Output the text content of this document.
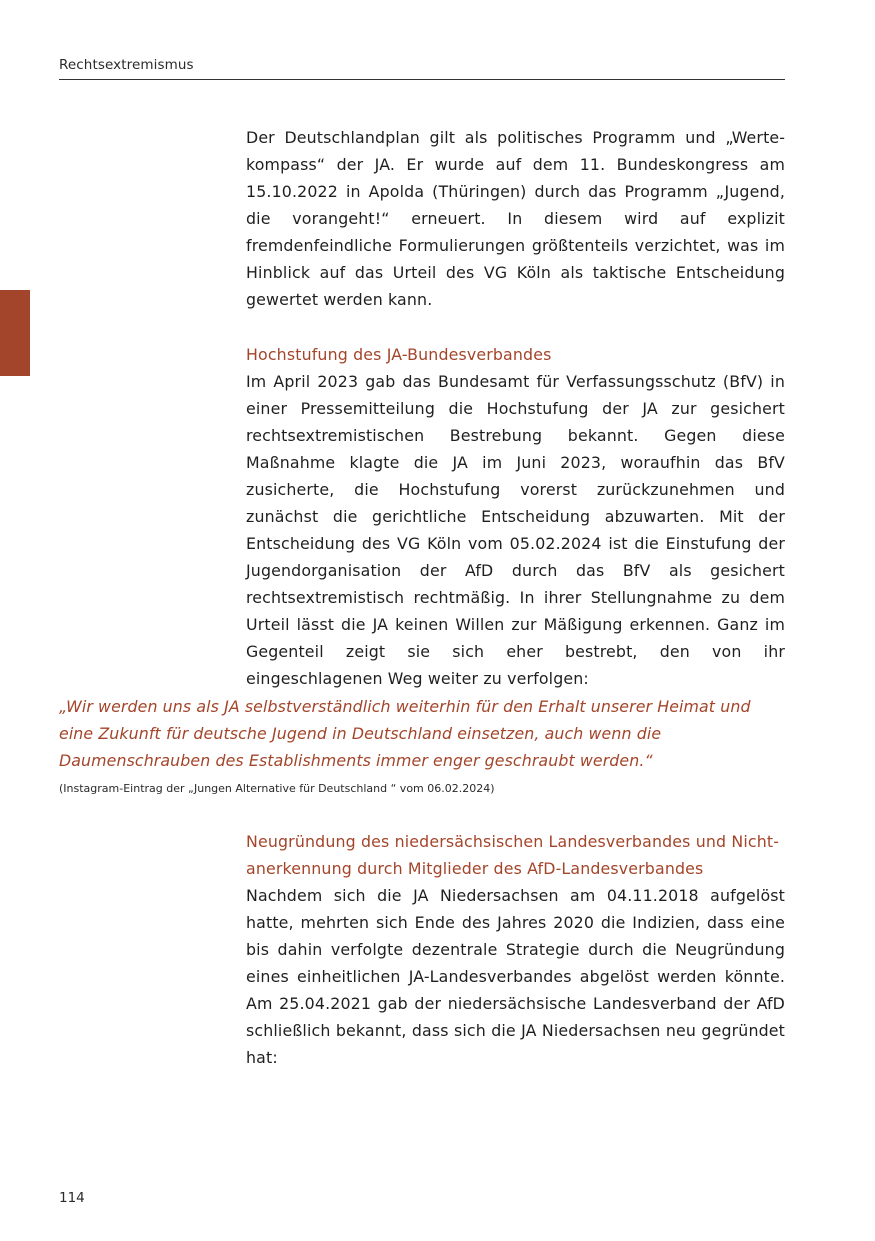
Rechtsextremismus

Der Deutschlandplan gilt als politisches Programm und „Wertekompass“ der JA. Er wurde auf dem 11. Bundeskongress am 15.10.2022 in Apolda (Thüringen) durch das Programm „Jugend, die vorangeht!“ erneuert. In diesem wird auf explizit fremdenfeindliche Formulierungen größtenteils verzichtet, was im Hinblick auf das Urteil des VG Köln als taktische Entscheidung gewertet werden kann.

Hochstufung des JA-Bundesverbandes

Im April 2023 gab das Bundesamt für Verfassungsschutz (BfV) in einer Pressemitteilung die Hochstufung der JA zur gesichert rechtsextremistischen Bestrebung bekannt. Gegen diese Maßnahme klagte die JA im Juni 2023, woraufhin das BfV zusicherte, die Hochstufung vorerst zurückzunehmen und zunächst die gerichtliche Entscheidung abzuwarten. Mit der Entscheidung des VG Köln vom 05.02.2024 ist die Einstufung der Jugendorganisation der AfD durch das BfV als gesichert rechtsextremistisch rechtmäßig. In ihrer Stellungnahme zu dem Urteil lässt die JA keinen Willen zur Mäßigung erkennen. Ganz im Gegenteil zeigt sie sich eher bestrebt, den von ihr eingeschlagenen Weg weiter zu verfolgen:

„Wir werden uns als JA selbstverständlich weiterhin für den Erhalt unserer Heimat und eine Zukunft für deutsche Jugend in Deutschland einsetzen, auch wenn die Daumenschrauben des Establishments immer enger geschraubt werden.“
(Instagram-Eintrag der „Jungen Alternative für Deutschland “ vom 06.02.2024)
Neugründung des niedersächsischen Landesverbandes und Nichtanerkennung durch Mitglieder des AfD-Landesverbandes

Nachdem sich die JA Niedersachsen am 04.11.2018 aufgelöst hatte, mehrten sich Ende des Jahres 2020 die Indizien, dass eine bis dahin verfolgte dezentrale Strategie durch die Neugründung eines einheitlichen JA-Landesverbandes abgelöst werden könnte. Am 25.04.2021 gab der niedersächsische Landesverband der AfD schließlich bekannt, dass sich die JA Niedersachsen neu gegründet hat:

114
